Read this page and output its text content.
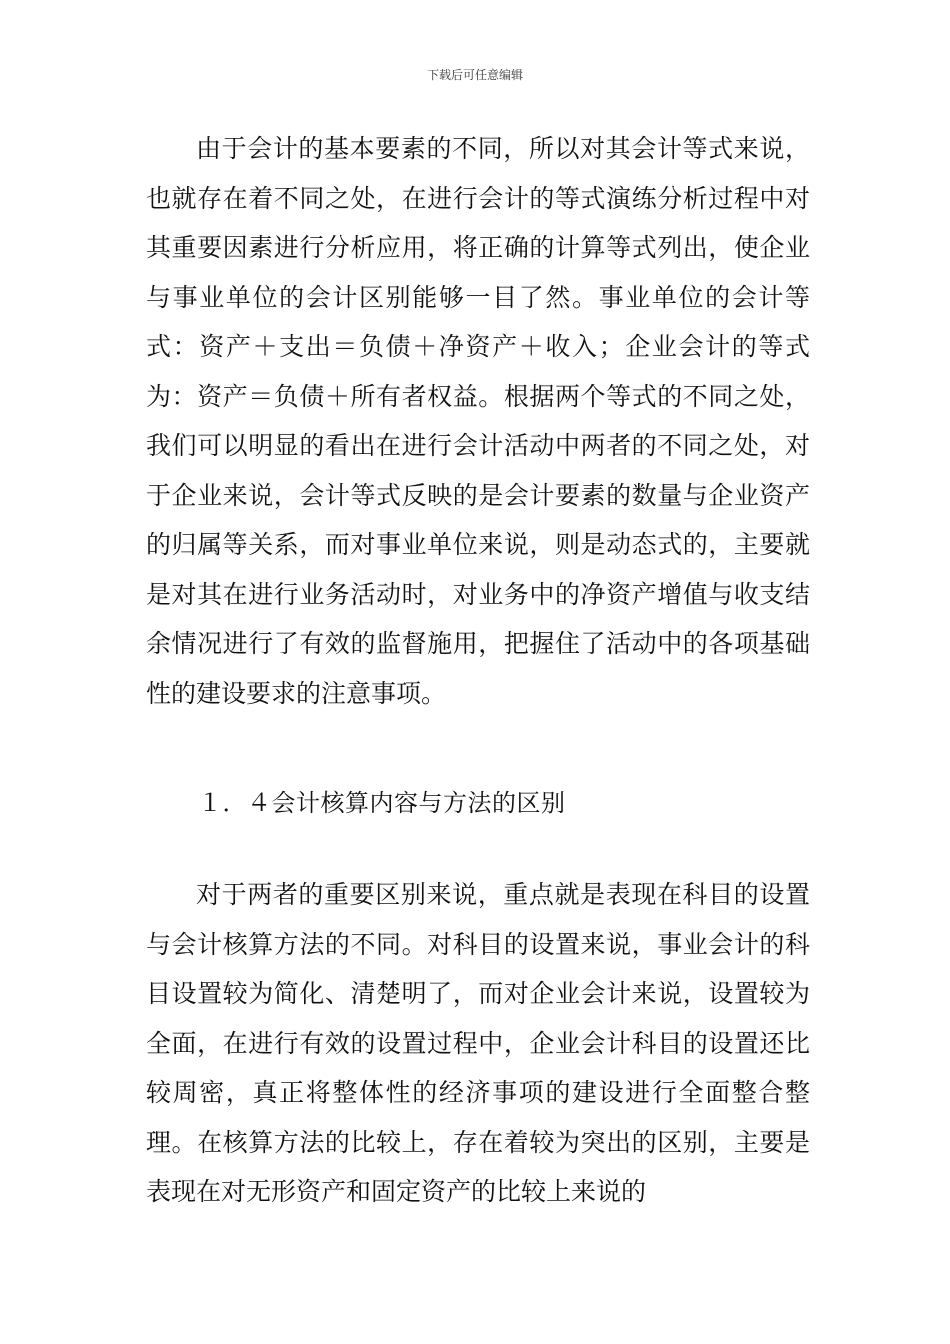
下载后可任意编辑

由于会计的基本要素的不同，所以对其会计等式来说，也就存在着不同之处，在进行会计的等式演练分析过程中对其重要因素进行分析应用，将正确的计算等式列出，使企业与事业单位的会计区别能够一目了然。事业单位的会计等式：资产＋支出＝负债＋净资产＋收入；企业会计的等式为：资产＝负债＋所有者权益。根据两个等式的不同之处，我们可以明显的看出在进行会计活动中两者的不同之处，对于企业来说，会计等式反映的是会计要素的数量与企业资产的归属等关系，而对事业单位来说，则是动态式的，主要就是对其在进行业务活动时，对业务中的净资产增值与收支结余情况进行了有效的监督施用，把握住了活动中的各项基础性的建设要求的注意事项。

１．４会计核算内容与方法的区别

对于两者的重要区别来说，重点就是表现在科目的设置与会计核算方法的不同。对科目的设置来说，事业会计的科目设置较为简化、清楚明了，而对企业会计来说，设置较为全面，在进行有效的设置过程中，企业会计科目的设置还比较周密，真正将整体性的经济事项的建设进行全面整合整理。在核算方法的比较上，存在着较为突出的区别，主要是表现在对无形资产和固定资产的比较上来说的
